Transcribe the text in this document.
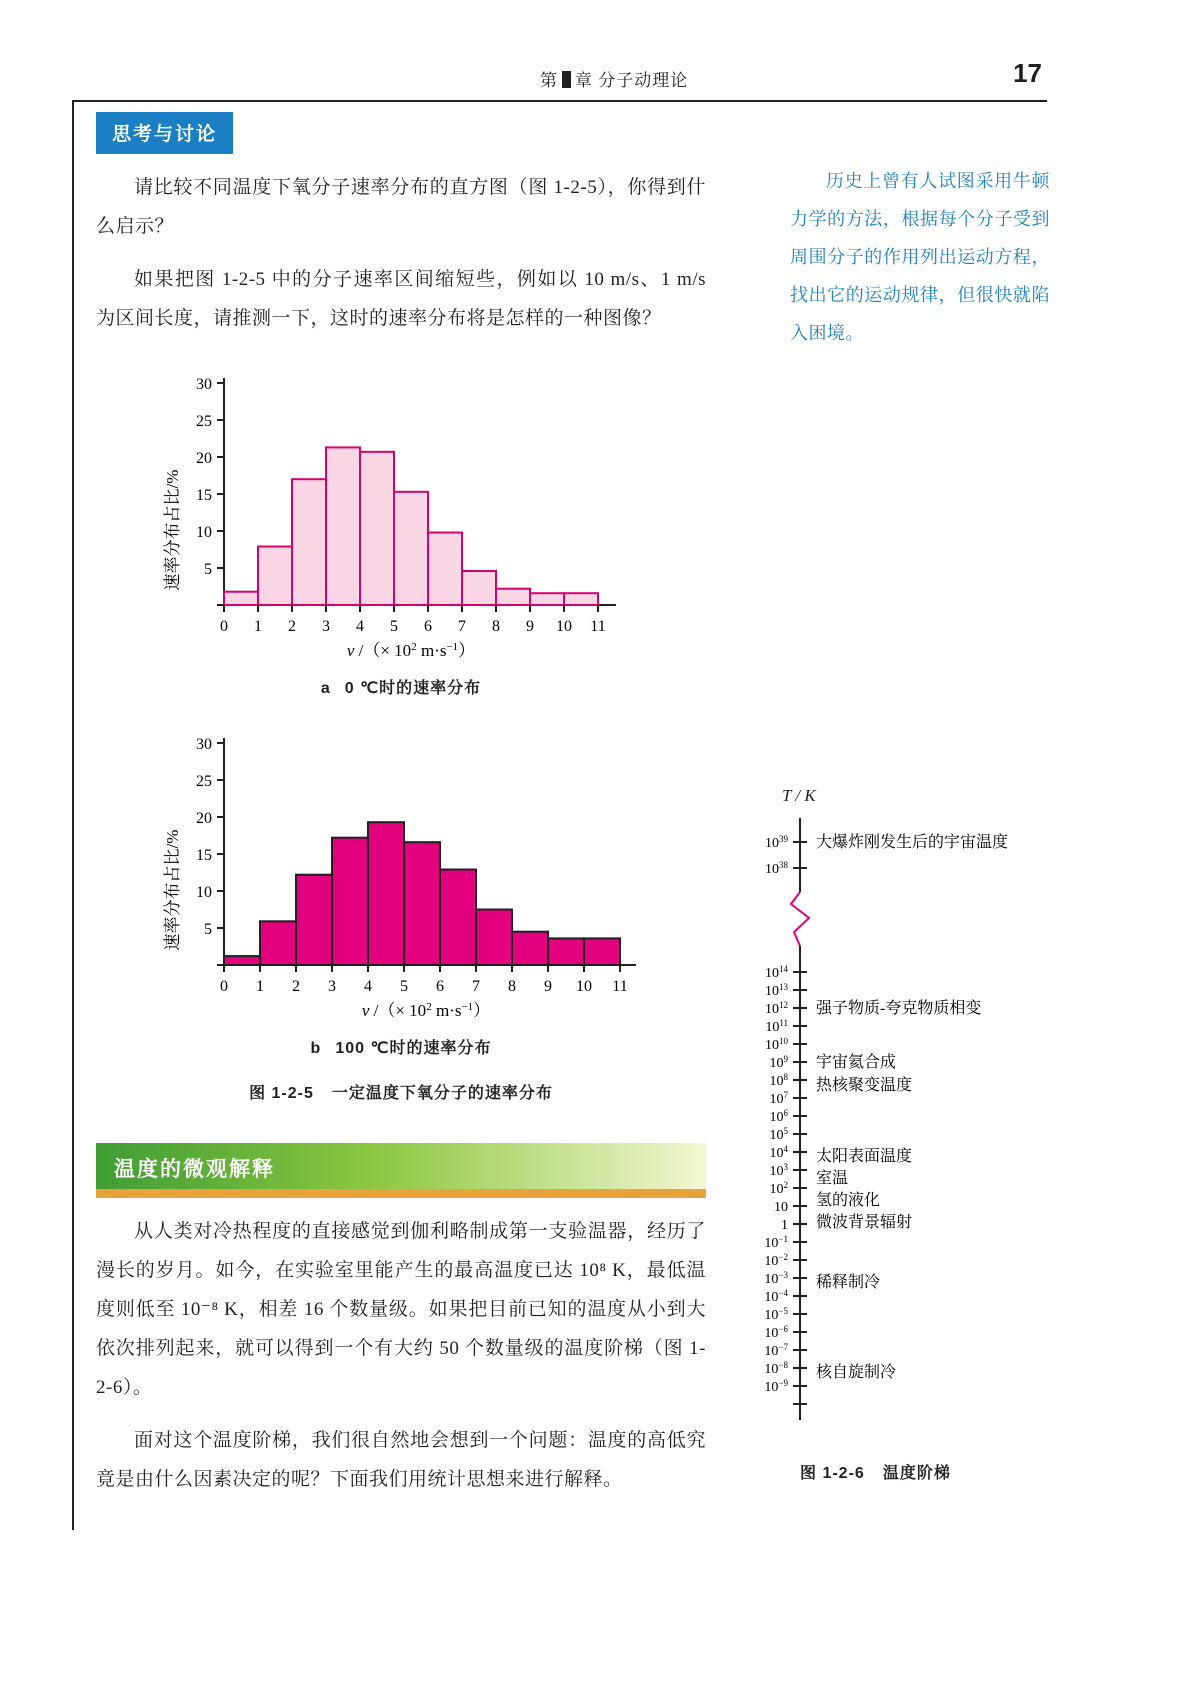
第 章 分子动理论	17
历史上曾有人试图采用牛顿力学的方法，根据每个分子受到周围分子的作用列出运动方程，找出它的运动规律，但很快就陷入困境。
思考与讨论
请比较不同温度下氧分子速率分布的直方图（图 1-2-5），你得到什么启示？
如果把图 1-2-5 中的分子速率区间缩短些，例如以 10 m/s、1 m/s 为区间长度，请推测一下，这时的速率分布将是怎样的一种图像？
速率分布占比/% 5
10
15
20
25
30
0 1 2 3 4 5 6 7 8 9 10 11
v /（× $10^2$ $m\cdot s^{-1}$）
a 0 ℃时的速率分布
速率分布占比/% 5
10
15
20
25
30
0 1 2 3 4 5 6 7 8 9 10 11
v /（× $10^2$ $m\cdot s^{-1}$）
b 100 ℃时的速率分布
图 1-2-5 一定温度下氧分子的速率分布
温度的微观解释
从人类对冷热程度的直接感觉到伽利略制成第一支验温器，经历了漫长的岁月。如今，在实验室里能产生的最高温度已达 10⁸ K，最低温度则低至 10⁻⁸ K，相差 16 个数量级。如果把目前已知的温度从小到大依次排列起来，就可以得到一个有大约 50 个数量级的温度阶梯（图 1-2-6）。
面对这个温度阶梯，我们很自然地会想到一个问题：温度的高低究竟是由什么因素决定的呢？下面我们用统计思想来进行解释。
T / K
$10^{39}$
$10^{38}$
$10^{14}$
$10^{13}$
$10^{12}$
$10^{11}$
$10^{10}$
$10^9$
$10^8$
$10^7$
$10^6$
$10^5$
$10^4$
$10^3$
$10^2$
10
1
$10^{-1}$
$10^{-2}$
$10^{-3}$
$10^{-4}$
$10^{-5}$
$10^{-6}$
$10^{-7}$
$10^{-8}$
$10^{-9}$
大爆炸刚发生后的宇宙温度
强子物质-夸克物质相变
宇宙氦合成
热核聚变温度
太阳表面温度
室温
氢的液化
微波背景辐射
稀释制冷
核自旋制冷
图 1-2-6 温度阶梯
